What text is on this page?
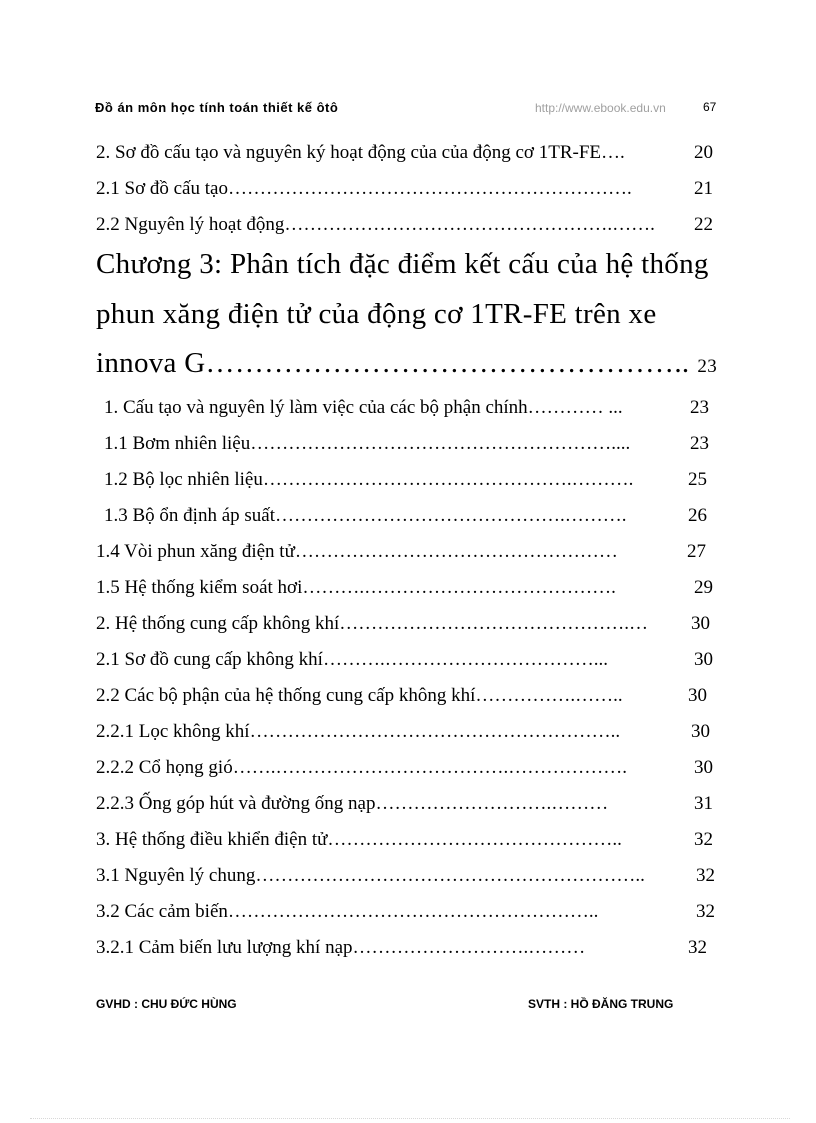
Đồ án môn học tính toán thiết kế ôtô	http://www.ebook.edu.vn	67
2. Sơ đồ cấu tạo và nguyên ký hoạt động của của động cơ 1TR-FE….	20
2.1 Sơ đồ cấu tạo……………………………………………………….	21
2.2 Nguyên lý hoạt động…………………………………………….……. 22
Chương 3: Phân tích đặc điểm kết cấu của hệ thống
phun xăng điện tử của động cơ 1TR-FE trên xe
innova G………………………………………….. 23
1. Cấu tạo và nguyên lý làm việc của các bộ phận chính………… ...	23
1.1 Bơm nhiên liệu…………………………………………………....	23
1.2 Bộ lọc nhiên liệu………………………………………….……….	25
1.3 Bộ ổn định áp suất……………………………………….……….	26
1.4 Vòi phun xăng điện tử……………………………………………	27
1.5 Hệ thống kiểm soát hơi……….………………………………….	29
2. Hệ thống cung cấp không khí……………………………………….… 30
2.1 Sơ đồ cung cấp không khí……….……………………………...	30
2.2 Các bộ phận của hệ thống cung cấp không khí…………….……..	30
2.2.1 Lọc không khí…………………………………………………..	30
2.2.2 Cổ họng gió…….……………………………….……………….	30
2.2.3 Ống góp hút và đường ống nạp……………………….………	31
3. Hệ thống điều khiển điện tử………………………………………..	32
3.1 Nguyên lý chung……………………………………………………..	32
3.2 Các cảm biến…………………………………………………..	32
3.2.1 Cảm biến lưu lượng khí nạp……………………….………	32
GVHD : CHU ĐỨC HÙNG	SVTH : HỒ ĐĂNG TRUNG
